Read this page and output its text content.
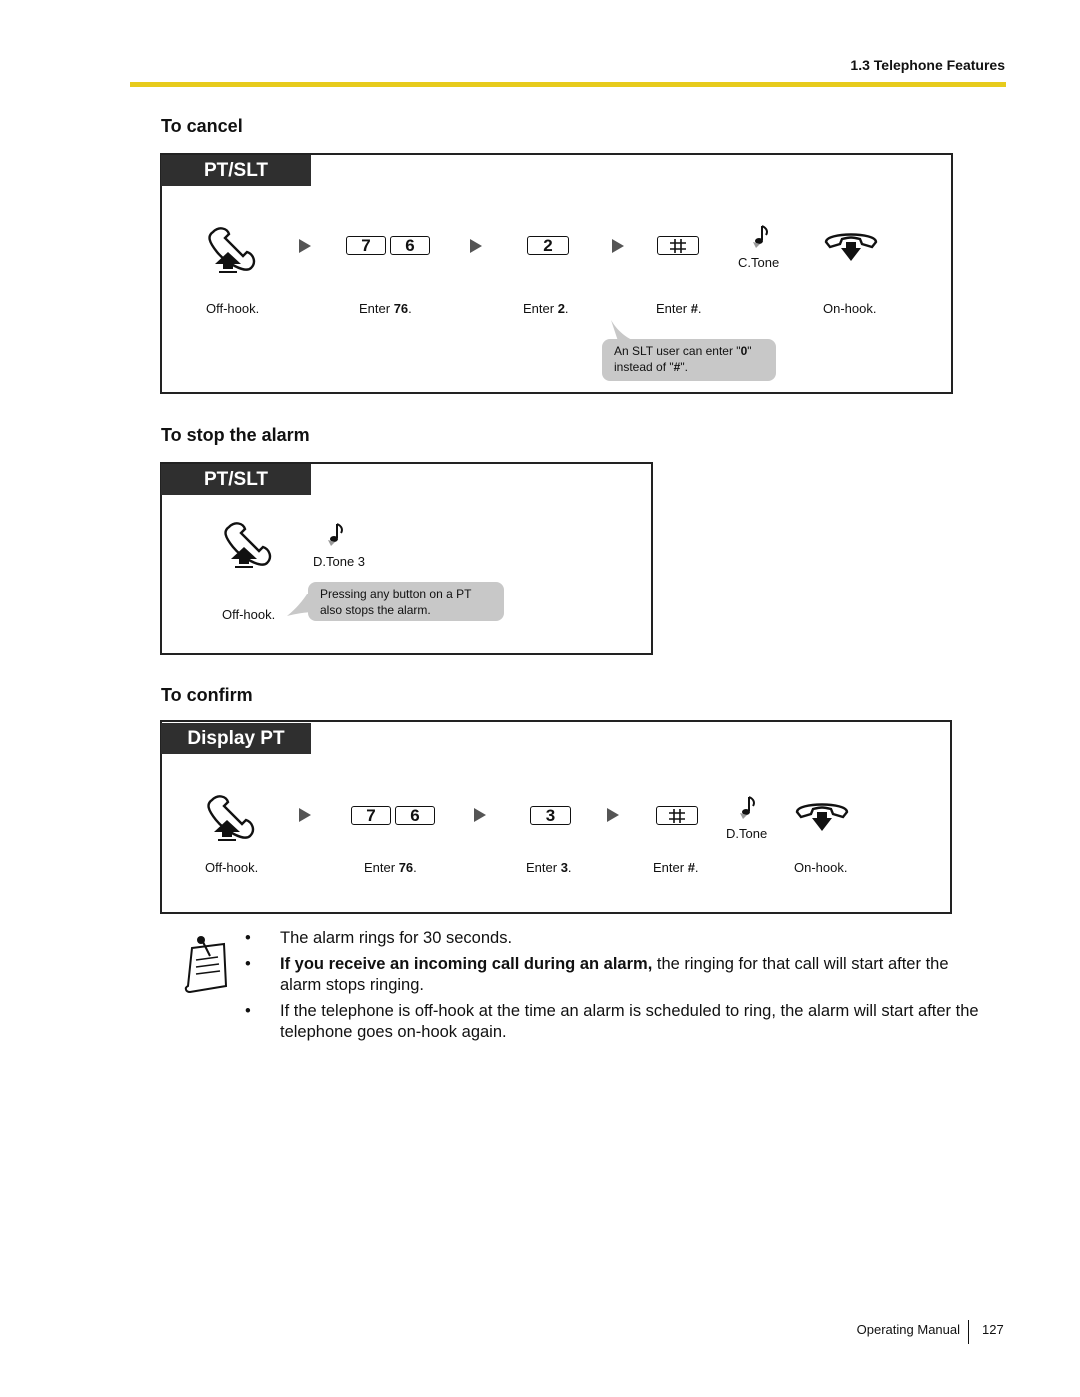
1.3 Telephone Features
To cancel
PT/SLT
7	6	2
C.Tone
Off-hook.	Enter 76.	Enter 2.	Enter #.	On-hook.
An SLT user can enter "0"
instead of "#".
To stop the alarm
PT/SLT
D.Tone 3
Off-hook.
Pressing any button on a PT
also stops the alarm.
To confirm
Display PT
7	6	3
D.Tone
Off-hook.	Enter 76.	Enter 3.	Enter #.	On-hook.
• The alarm rings for 30 seconds.
• If you receive an incoming call during an alarm, the ringing for that call will start after the alarm stops ringing.
• If the telephone is off-hook at the time an alarm is scheduled to ring, the alarm will start after the telephone goes on-hook again.
Operating Manual 127
